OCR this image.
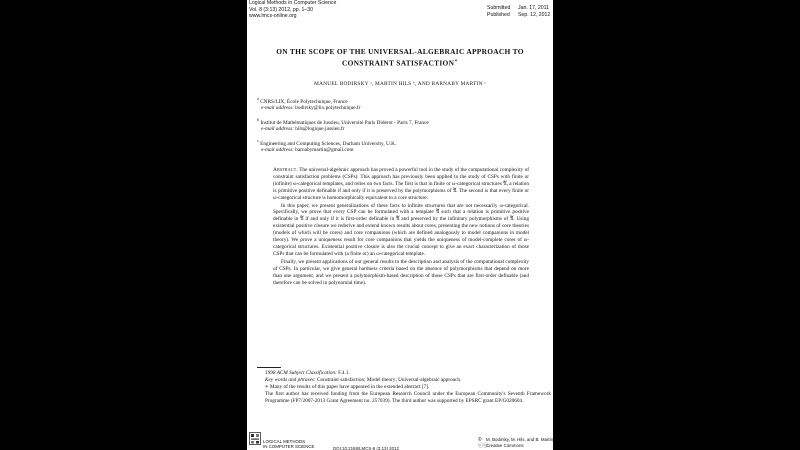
Logical Methods in Computer Science
Vol. 8 (3:13) 2012, pp. 1–30
www.lmcs-online.org
Submitted Jan. 17, 2011
Published Sep. 12, 2012
ON THE SCOPE OF THE UNIVERSAL-ALGEBRAIC APPROACH TO
CONSTRAINT SATISFACTION∗
MANUEL BODIRSKY ᵃ, MARTIN HILS ᵇ, AND BARNABY MARTIN ᶜ
$^a$ CNRS/LIX, École Polytechnique, France
e-mail address: bodirsky@lix.polytechnique.fr
$^b$ Institut de Mathématiques de Jussieu, Université Paris Diderot - Paris 7, France
e-mail address: hils@logique.jussieu.fr
$^c$ Engineering and Computing Sciences, Durham University, U.K.
e-mail address: barnabymartin@gmail.com

Abstract. The universal-algebraic approach has proved a powerful tool in the study of the computational complexity of constraint satisfaction problems (CSPs). This approach has previously been applied to the study of CSPs with finite or (infinite) ω-categorical templates, and relies on two facts. The first is that in finite or ω-categorical structures 𝔄, a relation is primitive positive definable if and only if it is preserved by the polymorphisms of 𝔄. The second is that every finite or ω-categorical structure is homomorphically equivalent to a core structure.

In this paper, we present generalizations of these facts to infinite structures that are not necessarily ω-categorical. Specifically, we prove that every CSP can be formulated with a template 𝔄 such that a relation is primitive positive definable in 𝔄 if and only if it is first-order definable in 𝔄 and preserved by the infinitary polymorphisms of 𝔄. Using existential positive closure we rederive and extend known results about cores, presenting the new notions of core theories (models of which will be cores) and core companions (which are defined analogously to model companions in model theory). We prove a uniqueness result for core companions that yields the uniqueness of model-complete cores of ω-categorical structures. Existential positive closure is also the crucial concept to give an exact characterization of those CSPs that can be formulated with (a finite or) an ω-categorical template.

Finally, we present applications of our general results to the description and analysis of the computational complexity of CSPs. In particular, we give general hardness criteria based on the absence of polymorphisms that depend on more than one argument, and we present a polymorphism-based description of those CSPs that are first-order definable (and therefore can be solved in polynomial time).

1998 ACM Subject Classification: F.4.1.

Key words and phrases: Constraint satisfaction; Model theory; Universal-algebraic approach.

∗ Many of the results of this paper have appeared in the extended abstract [7].

The first author has received funding from the European Research Council under the European Community's Seventh Framework Programme (FP7/2007-2013 Grant Agreement no. 257039). The third author was supported by EPSRC grant EP/G020604.

LOGICAL METHODS
IN COMPUTER SCIENCE	DOI:10.2168/LMCS-8 (3:13) 2012
© M. Bodirsky, M. Hils, and B. Martin
ⓒⓒCreative Commons
